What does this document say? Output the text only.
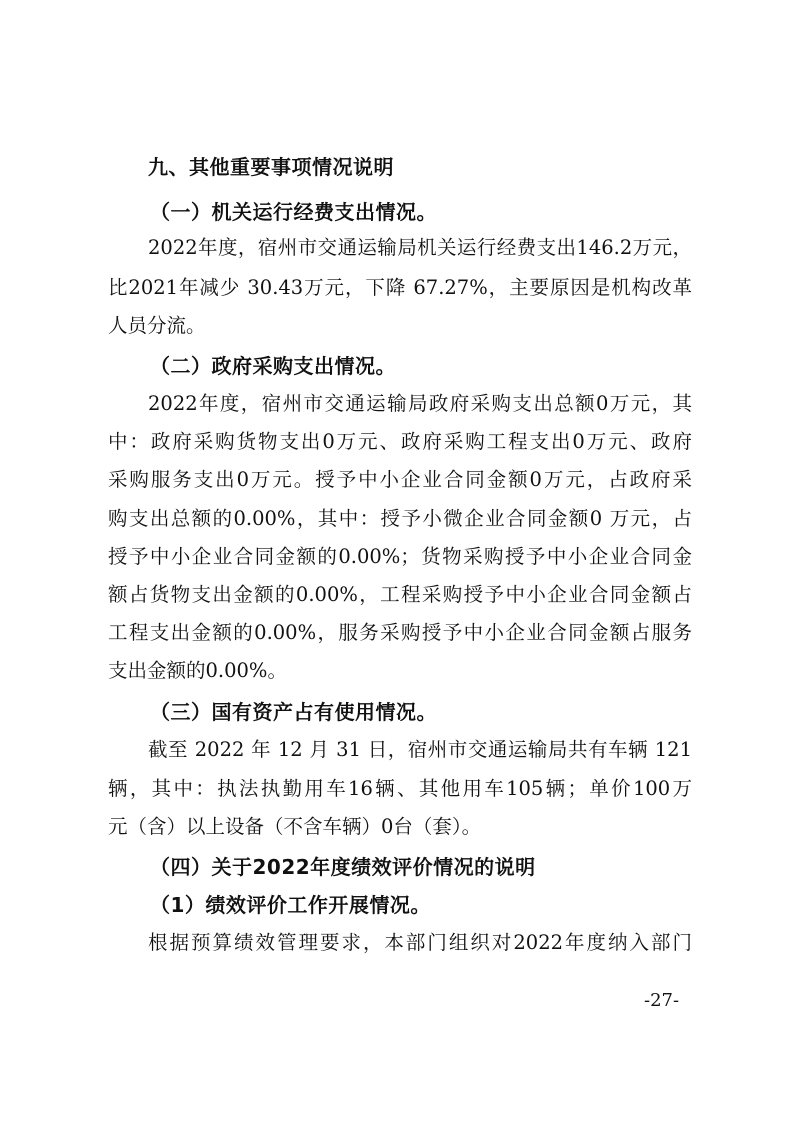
九、其他重要事项情况说明
（一）机关运行经费支出情况。
2022年度，宿州市交通运输局机关运行经费支出146.2万元，
比2021年减少 30.43万元，下降 67.27%，主要原因是机构改革
人员分流。
（二）政府采购支出情况。
2022年度，宿州市交通运输局政府采购支出总额0万元，其
中：政府采购货物支出0万元、政府采购工程支出0万元、政府
采购服务支出0万元。授予中小企业合同金额0万元，占政府采
购支出总额的0.00%，其中：授予小微企业合同金额0 万元，占
授予中小企业合同金额的0.00%；货物采购授予中小企业合同金
额占货物支出金额的0.00%，工程采购授予中小企业合同金额占
工程支出金额的0.00%，服务采购授予中小企业合同金额占服务
支出金额的0.00%。
（三）国有资产占有使用情况。
截至 2022 年 12 月 31 日，宿州市交通运输局共有车辆 121
辆，其中：执法执勤用车16辆、其他用车105辆；单价100万
元（含）以上设备（不含车辆）0台（套）。
（四）关于2022年度绩效评价情况的说明
（1）绩效评价工作开展情况。
根据预算绩效管理要求，本部门组织对2022年度纳入部门
-27-
